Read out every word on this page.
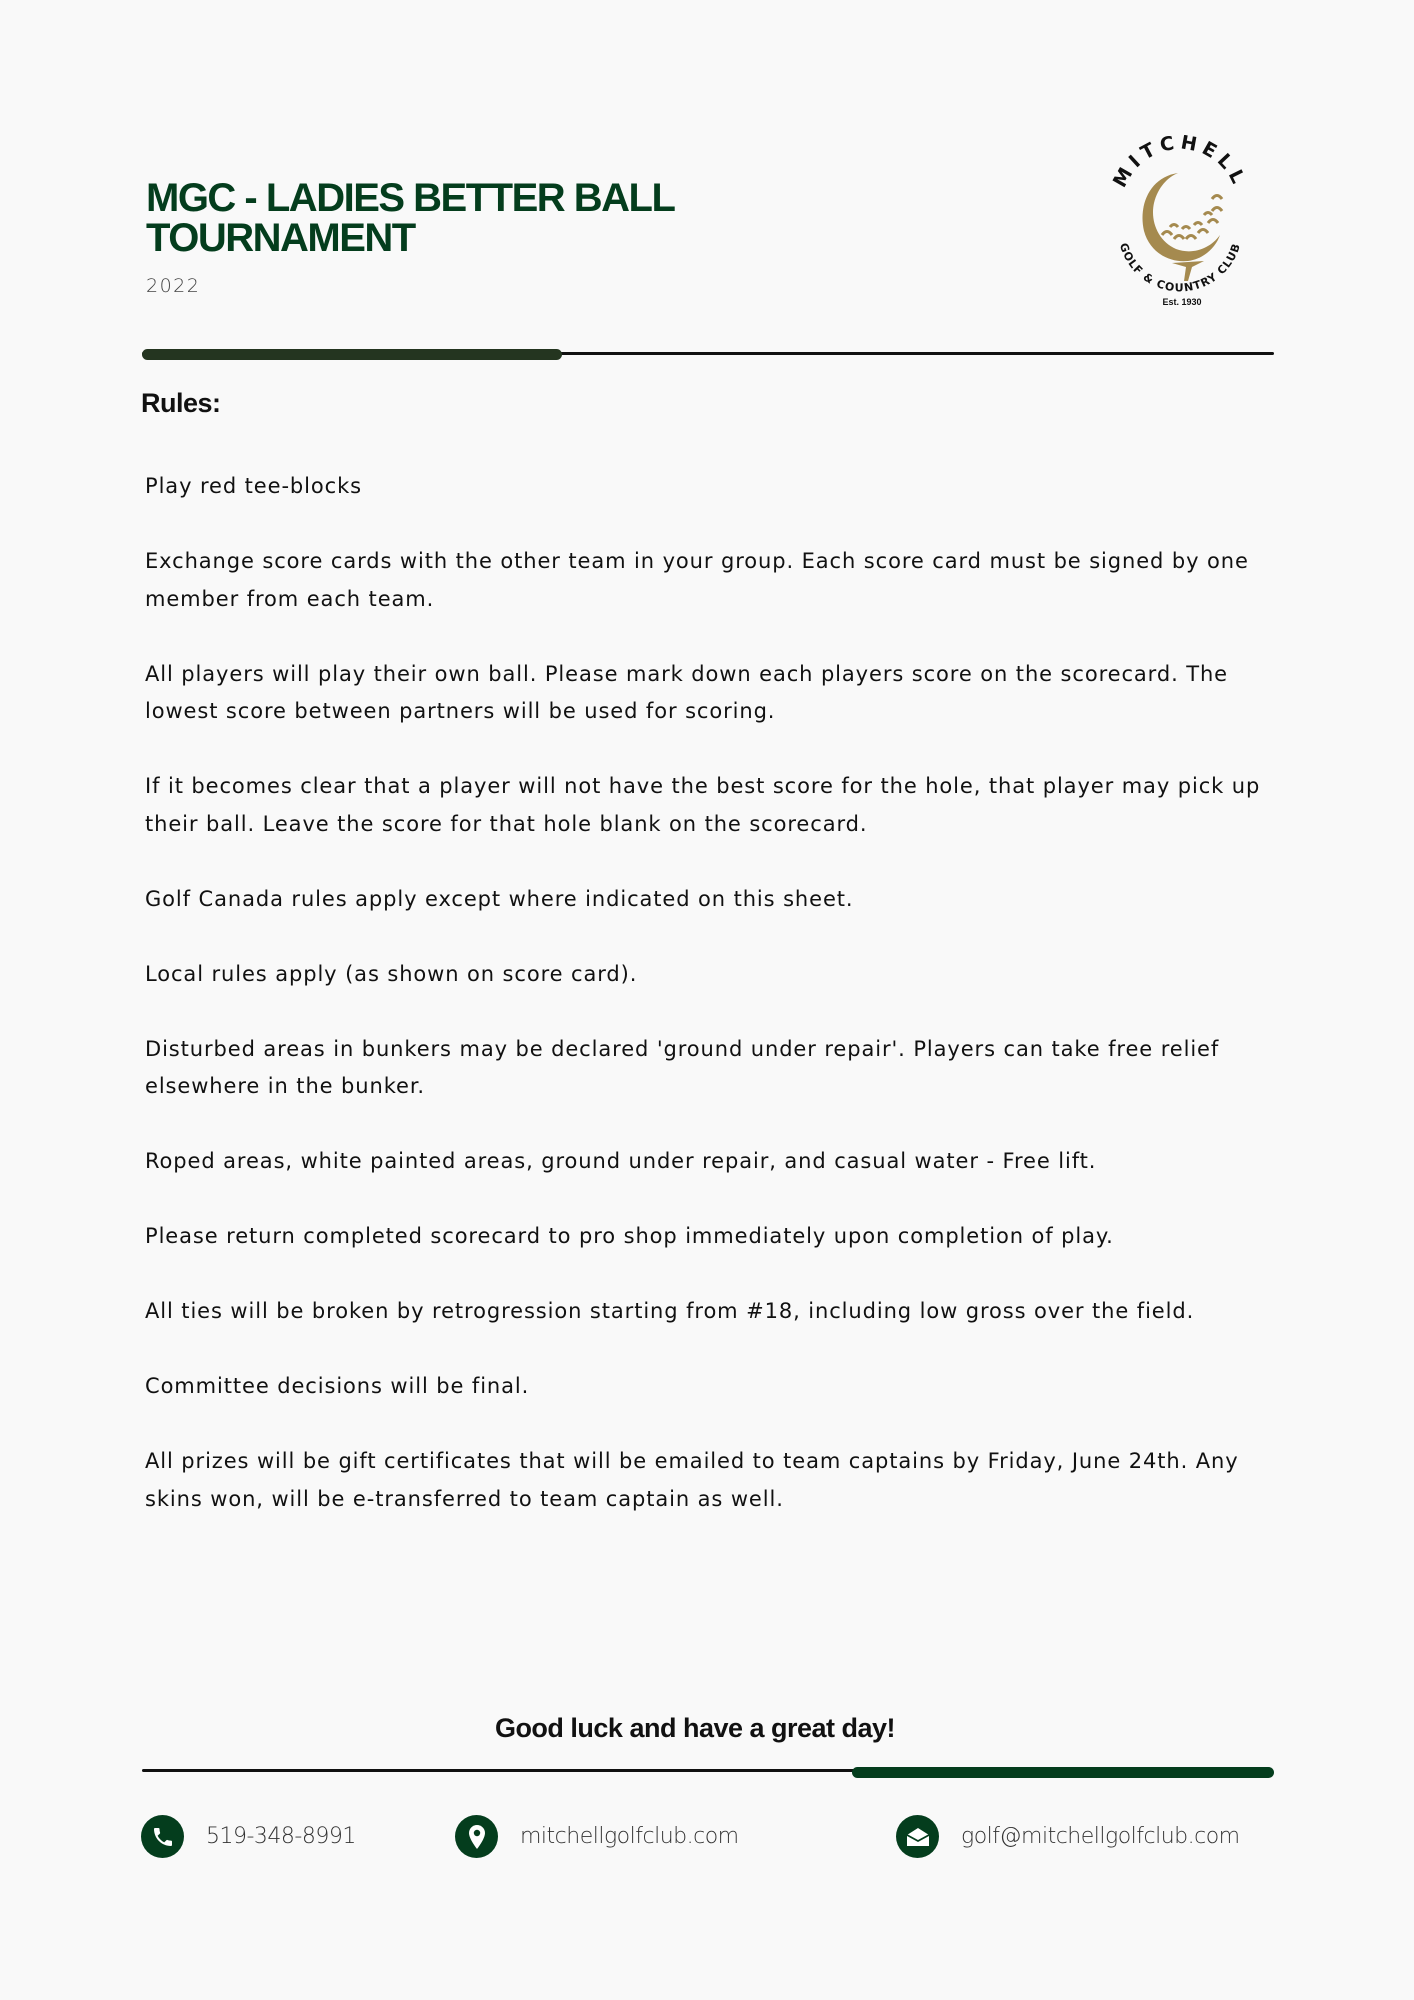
MGC - LADIES BETTER BALL TOURNAMENT
2022
MITCHELL
GOLF & COUNTRY CLUB
Est. 1930
Rules:
Play red tee-blocks
Exchange score cards with the other team in your group. Each score card must be signed by one member from each team.
All players will play their own ball. Please mark down each players score on the scorecard. The lowest score between partners will be used for scoring.
If it becomes clear that a player will not have the best score for the hole, that player may pick up their ball. Leave the score for that hole blank on the scorecard.
Golf Canada rules apply except where indicated on this sheet.
Local rules apply (as shown on score card).
Disturbed areas in bunkers may be declared 'ground under repair'. Players can take free relief elsewhere in the bunker.
Roped areas, white painted areas, ground under repair, and casual water - Free lift.
Please return completed scorecard to pro shop immediately upon completion of play.
All ties will be broken by retrogression starting from #18, including low gross over the field.
Committee decisions will be final.
All prizes will be gift certificates that will be emailed to team captains by Friday, June 24th. Any skins won, will be e-transferred to team captain as well.

Good luck and have a great day!

519-348-8991	mitchellgolfclub.com	golf@mitchellgolfclub.com
